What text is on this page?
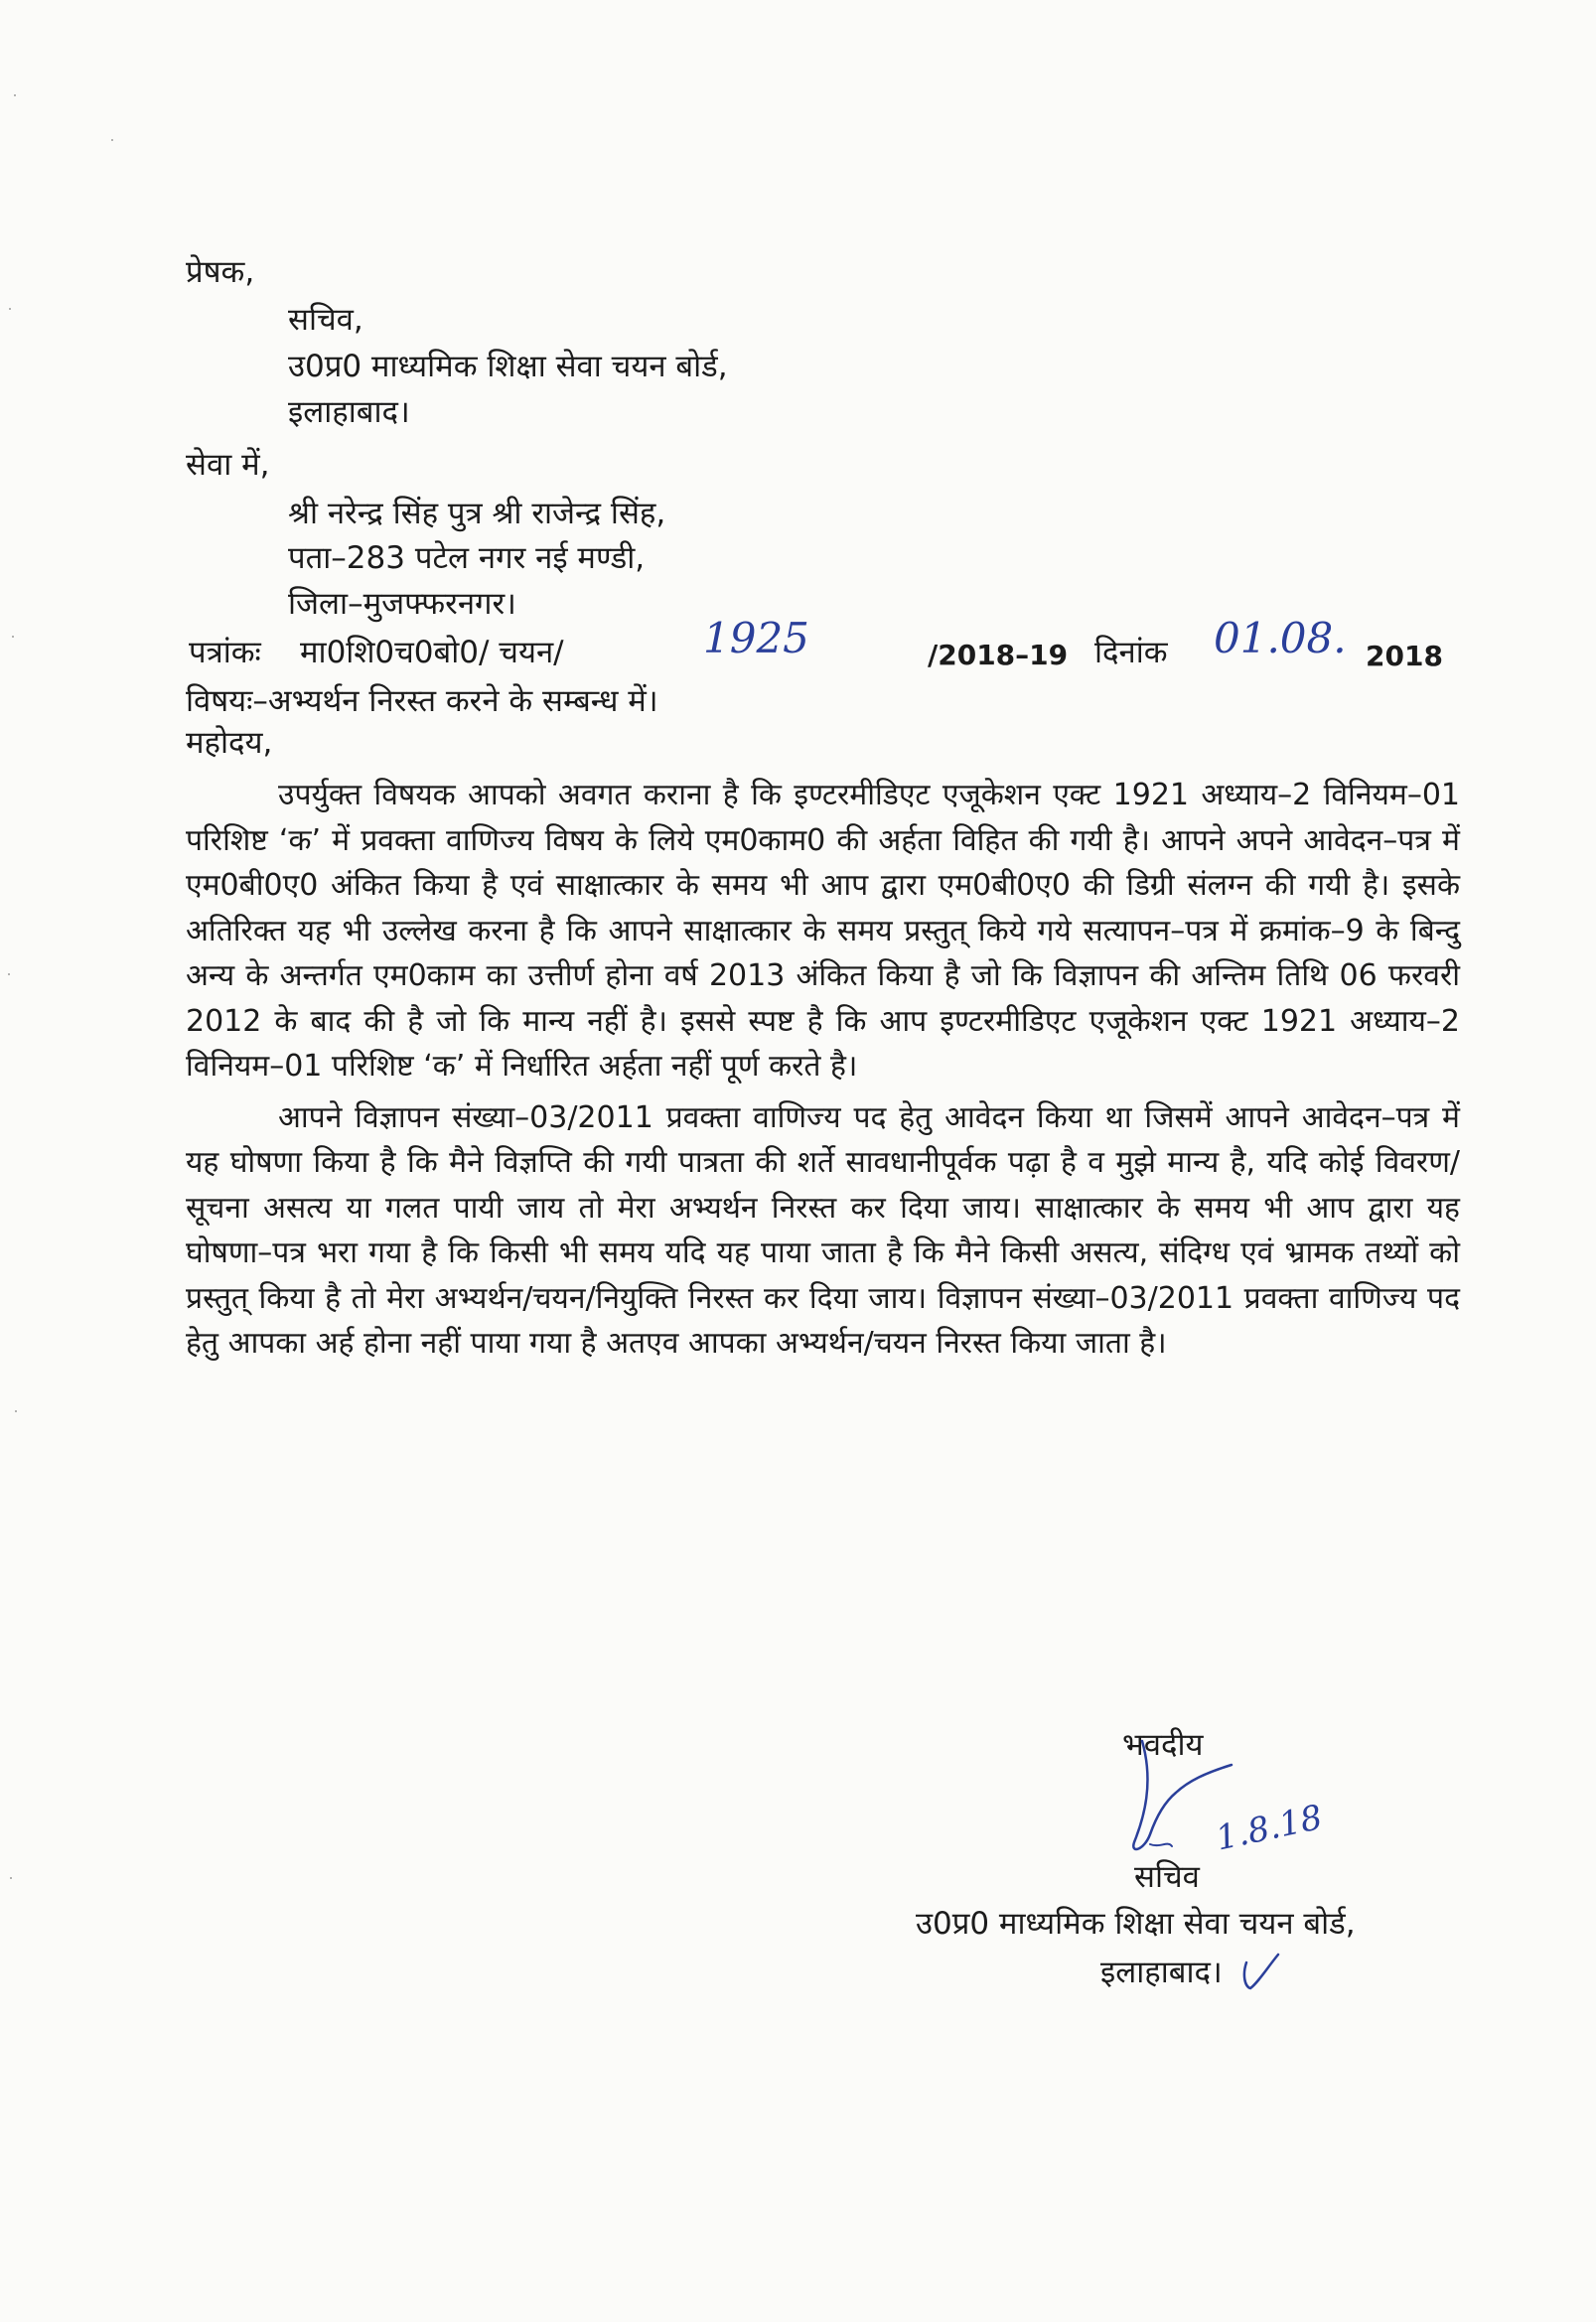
प्रेषक,
सचिव,
उ0प्र0 माध्यमिक शिक्षा सेवा चयन बोर्ड,
इलाहाबाद।
सेवा में,
श्री नरेन्द्र सिंह पुत्र श्री राजेन्द्र सिंह,
पता–283 पटेल नगर नई मण्डी,
जिला–मुजफ्फरनगर।
पत्रांकः मा0शि0च0बो0/ चयन/	1925	/2018–19 दिनांक 01.08. 2018
विषयः–अभ्यर्थन निरस्त करने के सम्बन्ध में।
महोदय,

उपर्युक्त विषयक आपको अवगत कराना है कि इण्टरमीडिएट एजूकेशन एक्ट 1921 अध्याय–2 विनियम–01 परिशिष्ट ‘क’ में प्रवक्ता वाणिज्य विषय के लिये एम0काम0 की अर्हता विहित की गयी है। आपने अपने आवेदन–पत्र में एम0बी0ए0 अंकित किया है एवं साक्षात्कार के समय भी आप द्वारा एम0बी0ए0 की डिग्री संलग्न की गयी है। इसके अतिरिक्त यह भी उल्लेख करना है कि आपने साक्षात्कार के समय प्रस्तुत् किये गये सत्यापन–पत्र में क्रमांक–9 के बिन्दु अन्य के अन्तर्गत एम0काम का उत्तीर्ण होना वर्ष 2013 अंकित किया है जो कि विज्ञापन की अन्तिम तिथि 06 फरवरी 2012 के बाद की है जो कि मान्य नहीं है। इससे स्पष्ट है कि आप इण्टरमीडिएट एजूकेशन एक्ट 1921 अध्याय–2 विनियम–01 परिशिष्ट ‘क’ में निर्धारित अर्हता नहीं पूर्ण करते है।

आपने विज्ञापन संख्या–03/2011 प्रवक्ता वाणिज्य पद हेतु आवेदन किया था जिसमें आपने आवेदन–पत्र में यह घोषणा किया है कि मैने विज्ञप्ति की गयी पात्रता की शर्ते सावधानीपूर्वक पढ़ा है व मुझे मान्य है, यदि कोई विवरण/सूचना असत्य या गलत पायी जाय तो मेरा अभ्यर्थन निरस्त कर दिया जाय। साक्षात्कार के समय भी आप द्वारा यह घोषणा–पत्र भरा गया है कि किसी भी समय यदि यह पाया जाता है कि मैने किसी असत्य, संदिग्ध एवं भ्रामक तथ्यों को प्रस्तुत् किया है तो मेरा अभ्यर्थन/चयन/नियुक्ति निरस्त कर दिया जाय। विज्ञापन संख्या–03/2011 प्रवक्ता वाणिज्य पद हेतु आपका अर्ह होना नहीं पाया गया है अतएव आपका अभ्यर्थन/चयन निरस्त किया जाता है।

भवदीय
1.8.18
सचिव
उ0प्र0 माध्यमिक शिक्षा सेवा चयन बोर्ड,
इलाहाबाद।
